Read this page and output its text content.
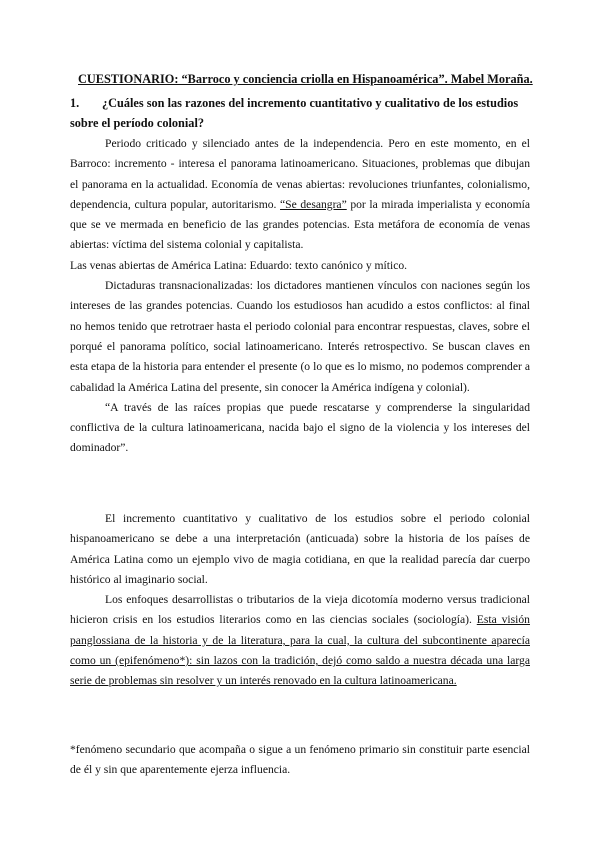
CUESTIONARIO: “Barroco y conciencia criolla en Hispanoamérica”. Mabel Moraña.
1. ¿Cuáles son las razones del incremento cuantitativo y cualitativo de los estudios sobre el período colonial?

Periodo criticado y silenciado antes de la independencia. Pero en este momento, en el Barroco: incremento - interesa el panorama latinoamericano. Situaciones, problemas que dibujan el panorama en la actualidad. Economía de venas abiertas: revoluciones triunfantes, colonialismo, dependencia, cultura popular, autoritarismo. “Se desangra” por la mirada imperialista y economía que se ve mermada en beneficio de las grandes potencias. Esta metáfora de economía de venas abiertas: víctima del sistema colonial y capitalista.

Las venas abiertas de América Latina: Eduardo: texto canónico y mítico.

Dictaduras transnacionalizadas: los dictadores mantienen vínculos con naciones según los intereses de las grandes potencias. Cuando los estudiosos han acudido a estos conflictos: al final no hemos tenido que retrotraer hasta el periodo colonial para encontrar respuestas, claves, sobre el porqué el panorama político, social latinoamericano. Interés retrospectivo. Se buscan claves en esta etapa de la historia para entender el presente (o lo que es lo mismo, no podemos comprender a cabalidad la América Latina del presente, sin conocer la América indígena y colonial).

“A través de las raíces propias que puede rescatarse y comprenderse la singularidad conflictiva de la cultura latinoamericana, nacida bajo el signo de la violencia y los intereses del dominador”.

El incremento cuantitativo y cualitativo de los estudios sobre el periodo colonial hispanoamericano se debe a una interpretación (anticuada) sobre la historia de los países de América Latina como un ejemplo vivo de magia cotidiana, en que la realidad parecía dar cuerpo histórico al imaginario social.

Los enfoques desarrollistas o tributarios de la vieja dicotomía moderno versus tradicional hicieron crisis en los estudios literarios como en las ciencias sociales (sociología). Esta visión panglossiana de la historia y de la literatura, para la cual, la cultura del subcontinente aparecía como un (epifenómeno*): sin lazos con la tradición, dejó como saldo a nuestra década una larga serie de problemas sin resolver y un interés renovado en la cultura latinoamericana.

*fenómeno secundario que acompaña o sigue a un fenómeno primario sin constituir parte esencial de él y sin que aparentemente ejerza influencia.
